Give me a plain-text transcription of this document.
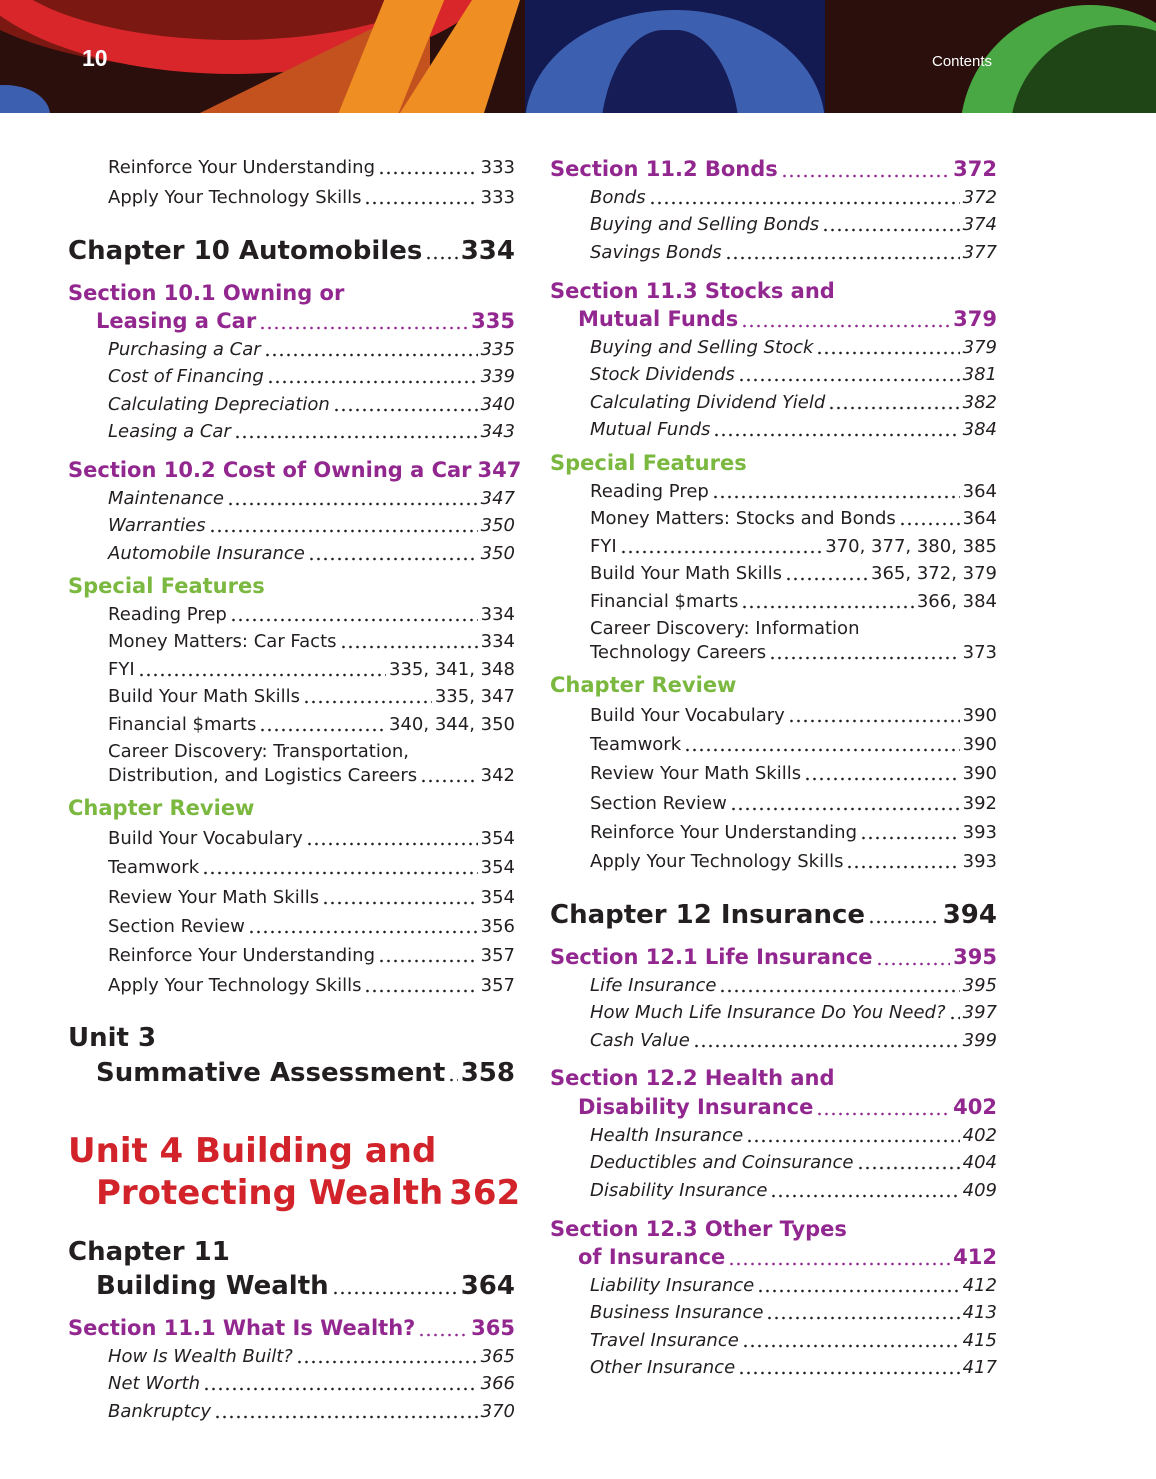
10	Contents
Reinforce Your Understanding	333
Apply Your Technology Skills	333
Chapter 10 Automobiles 334
Section 10.1 Owning or
Leasing a Car	335
Purchasing a Car	335
Cost of Financing	339
Calculating Depreciation	340
Leasing a Car	343
Section 10.2 Cost of Owning a Car 347
Maintenance	347
Warranties	350
Automobile Insurance	350
Special Features
Reading Prep	334
Money Matters: Car Facts	334
FYI	335, 341, 348
Build Your Math Skills	335, 347
Financial $marts	340, 344, 350
Career Discovery: Transportation,
Distribution, and Logistics Careers	342
Chapter Review
Build Your Vocabulary	354
Teamwork	354
Review Your Math Skills	354
Section Review	356
Reinforce Your Understanding	357
Apply Your Technology Skills	357
Unit 3
Summative Assessment 358
Unit 4 Building and
Protecting Wealth 362
Chapter 11
Building Wealth	364
Section 11.1 What Is Wealth?	365
How Is Wealth Built?	365
Net Worth	366
Bankruptcy	370
Section 11.2 Bonds	372
Bonds	372
Buying and Selling Bonds	374
Savings Bonds	377
Section 11.3 Stocks and
Mutual Funds	379
Buying and Selling Stock	379
Stock Dividends	381
Calculating Dividend Yield	382
Mutual Funds	384
Special Features
Reading Prep	364
Money Matters: Stocks and Bonds	364
FYI	370, 377, 380, 385
Build Your Math Skills	365, 372, 379
Financial $marts	366, 384
Career Discovery: Information
Technology Careers	373
Chapter Review
Build Your Vocabulary	390
Teamwork	390
Review Your Math Skills	390
Section Review	392
Reinforce Your Understanding	393
Apply Your Technology Skills	393
Chapter 12 Insurance	394
Section 12.1 Life Insurance	395
Life Insurance	395
How Much Life Insurance Do You Need? 397
Cash Value	399
Section 12.2 Health and
Disability Insurance	402
Health Insurance	402
Deductibles and Coinsurance	404
Disability Insurance	409
Section 12.3 Other Types
of Insurance	412
Liability Insurance	412
Business Insurance	413
Travel Insurance	415
Other Insurance	417
